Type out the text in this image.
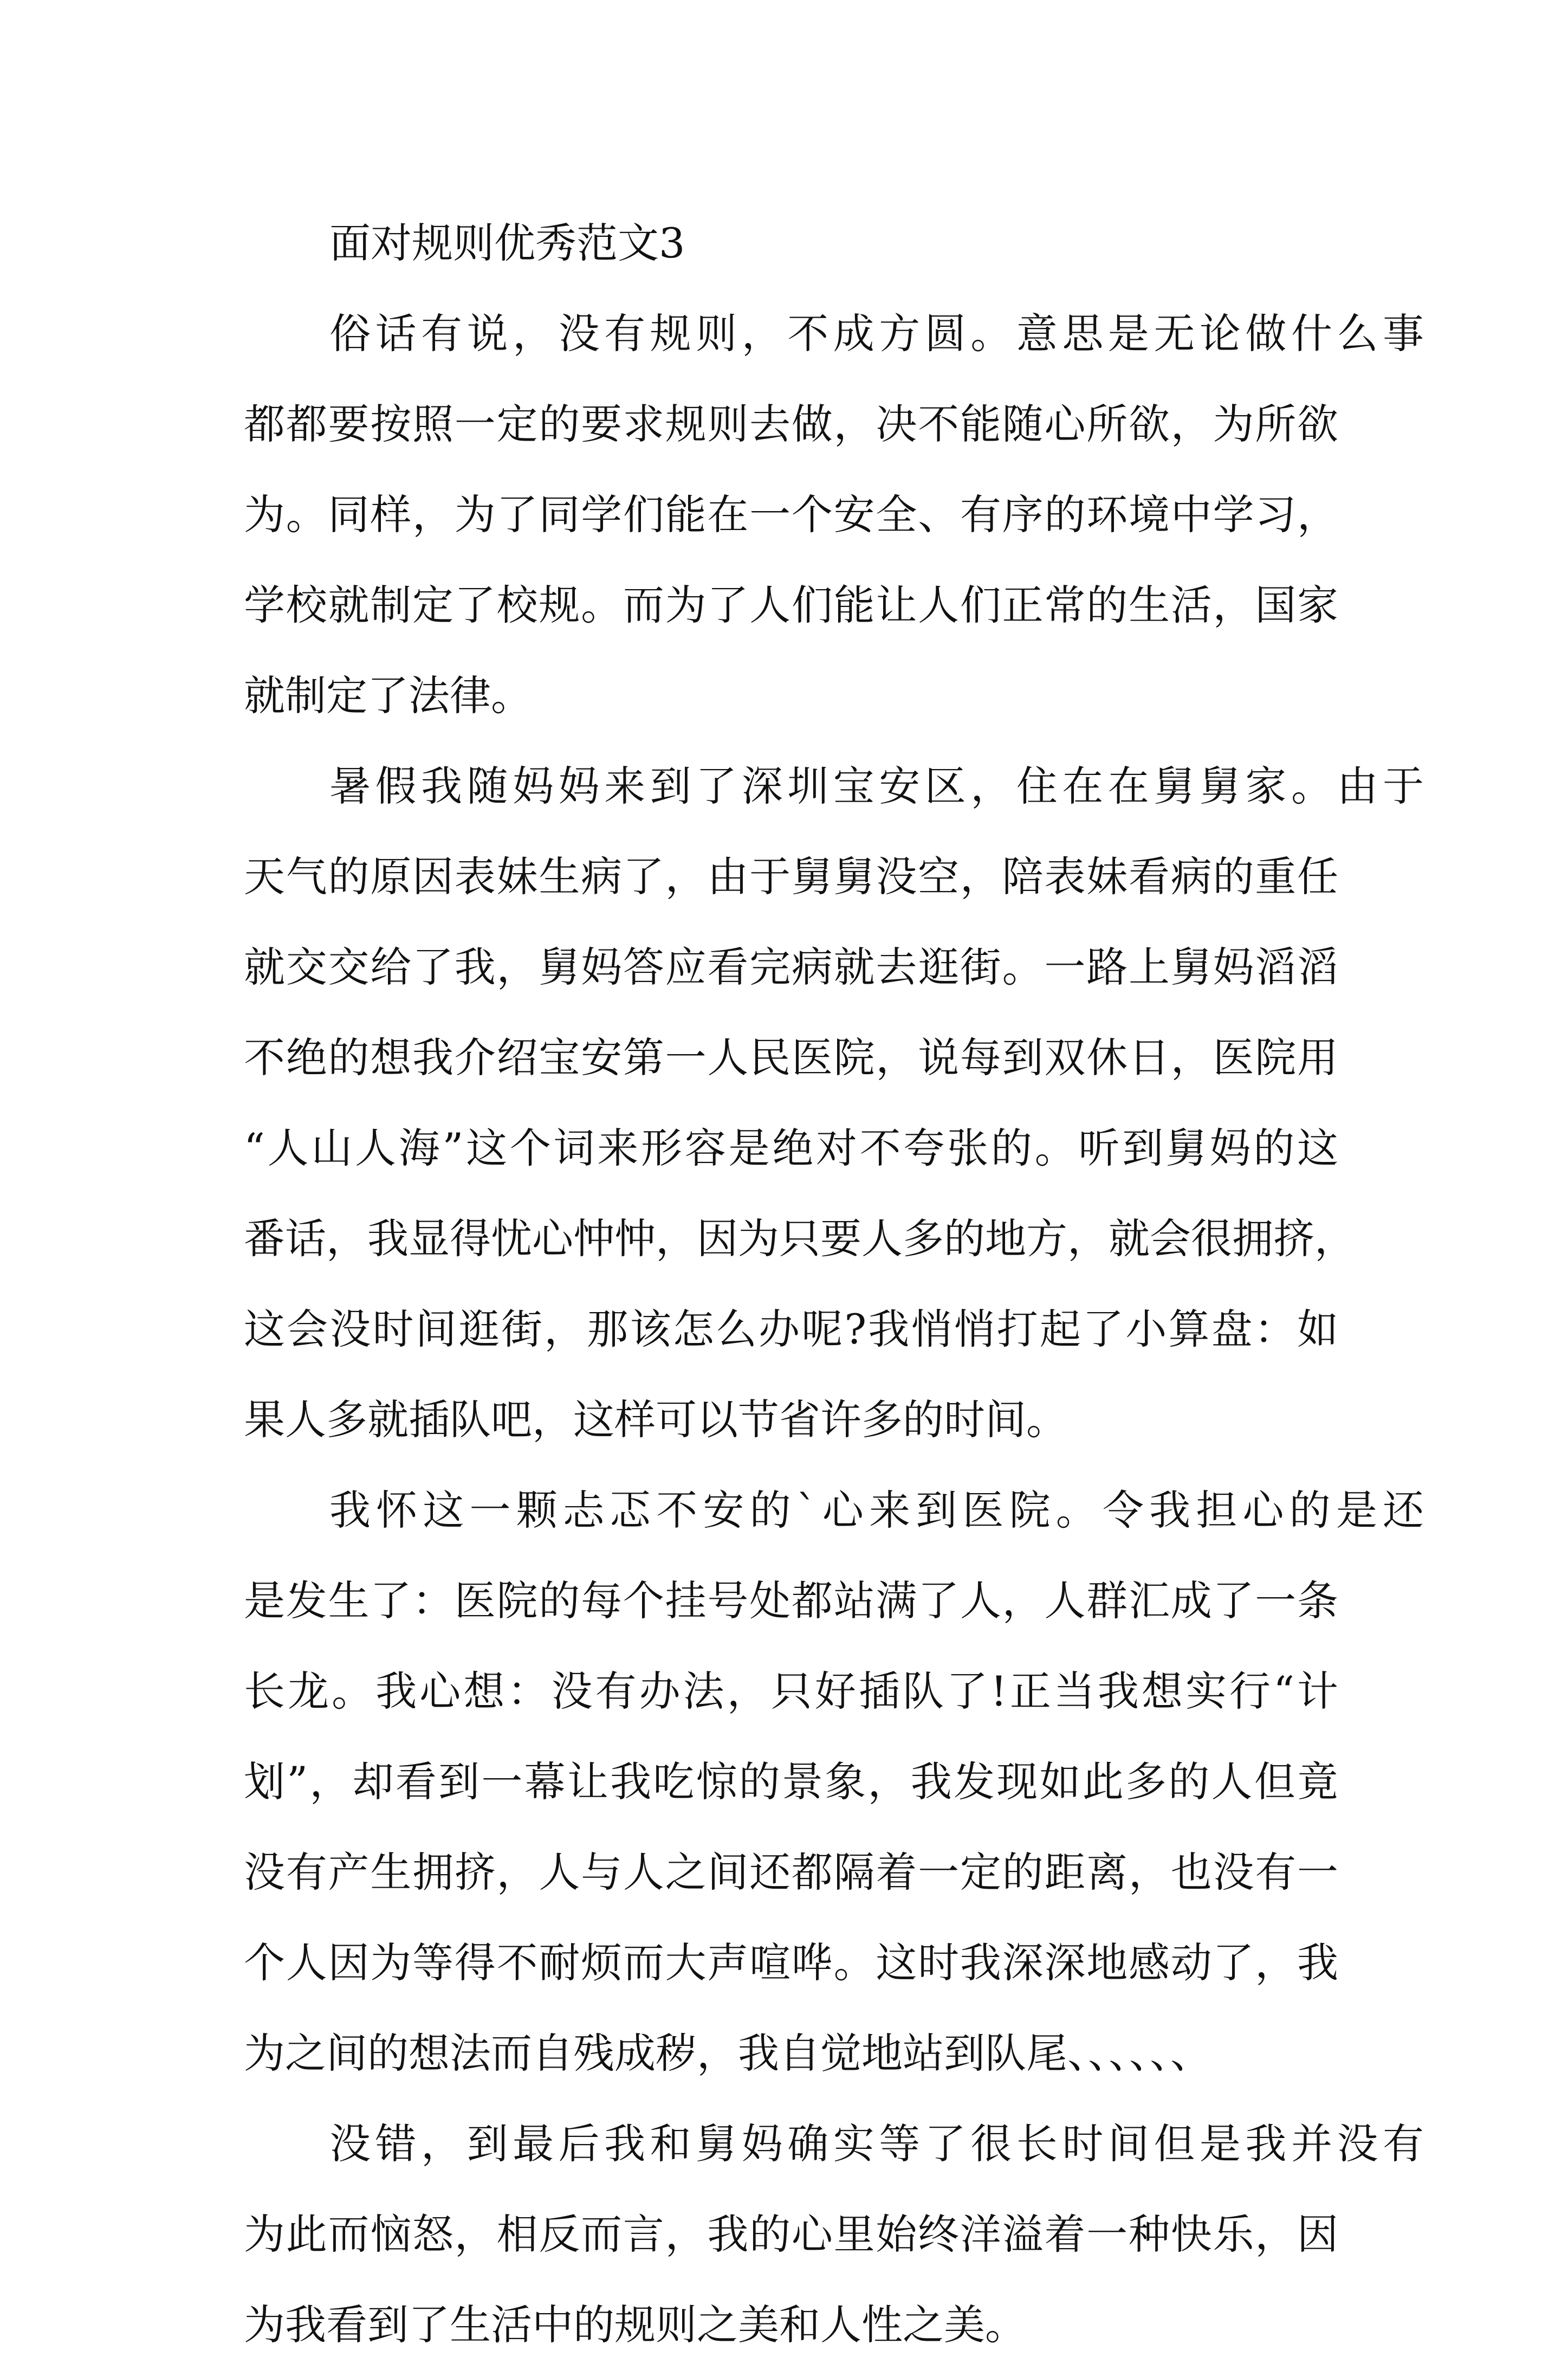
面对规则优秀范文3
俗话有说，没有规则，不成方圆。意思是无论做什么事
都都要按照一定的要求规则去做，决不能随心所欲，为所欲
为。同样，为了同学们能在一个安全、有序的环境中学习，
学校就制定了校规。而为了人们能让人们正常的生活，国家
就制定了法律。
暑假我随妈妈来到了深圳宝安区，住在在舅舅家。由于
天气的原因表妹生病了，由于舅舅没空，陪表妹看病的重任
就交交给了我，舅妈答应看完病就去逛街。一路上舅妈滔滔
不绝的想我介绍宝安第一人民医院，说每到双休日，医院用
“人山人海”这个词来形容是绝对不夸张的。听到舅妈的这
番话，我显得忧心忡忡，因为只要人多的地方，就会很拥挤，
这会没时间逛街，那该怎么办呢?我悄悄打起了小算盘：如
果人多就插队吧，这样可以节省许多的时间。
我怀这一颗忐忑不安的`心来到医院。令我担心的是还
是发生了：医院的每个挂号处都站满了人，人群汇成了一条
长龙。我心想：没有办法，只好插队了!正当我想实行“计
划”，却看到一幕让我吃惊的景象，我发现如此多的人但竟
没有产生拥挤，人与人之间还都隔着一定的距离，也没有一
个人因为等得不耐烦而大声喧哗。这时我深深地感动了，我
为之间的想法而自残成秽，我自觉地站到队尾、、、、、、
没错，到最后我和舅妈确实等了很长时间但是我并没有
为此而恼怒，相反而言，我的心里始终洋溢着一种快乐，因
为我看到了生活中的规则之美和人性之美。
